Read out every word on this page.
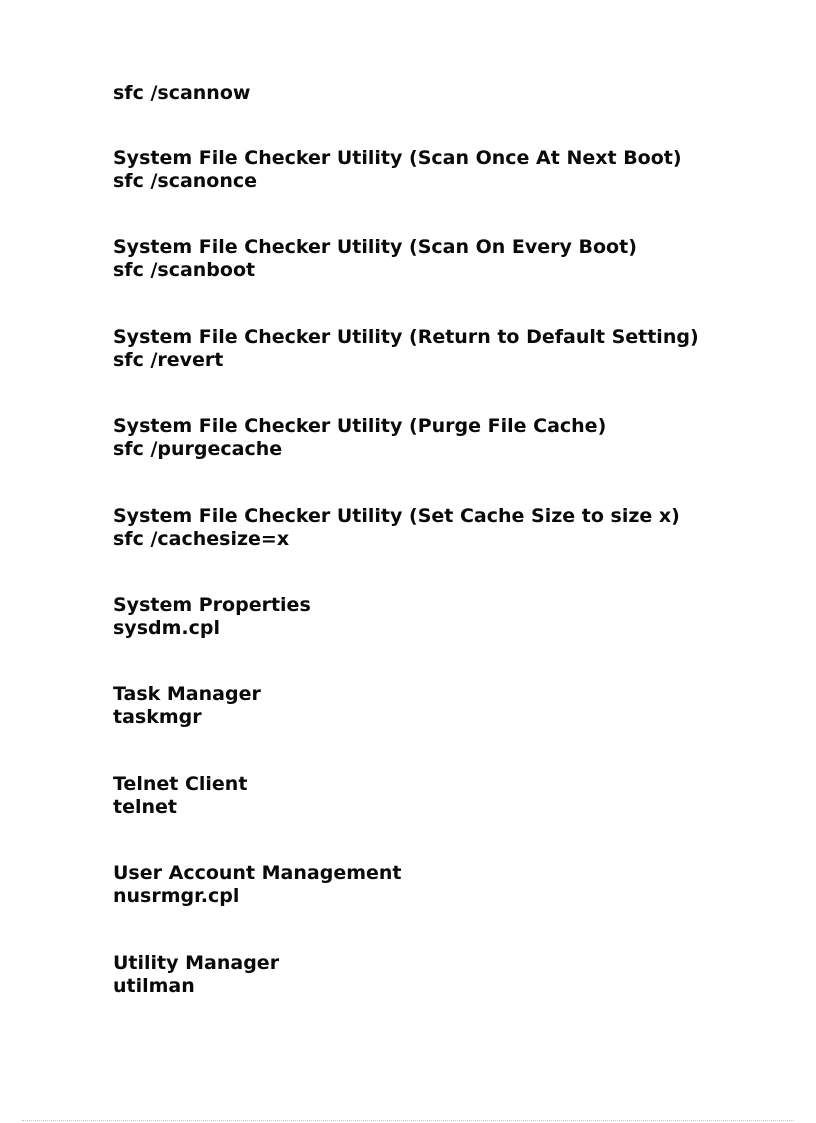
sfc /scannow
System File Checker Utility (Scan Once At Next Boot)
sfc /scanonce
System File Checker Utility (Scan On Every Boot)
sfc /scanboot
System File Checker Utility (Return to Default Setting)
sfc /revert
System File Checker Utility (Purge File Cache)
sfc /purgecache
System File Checker Utility (Set Cache Size to size x)
sfc /cachesize=x
System Properties
sysdm.cpl
Task Manager
taskmgr
Telnet Client
telnet
User Account Management
nusrmgr.cpl
Utility Manager
utilman
